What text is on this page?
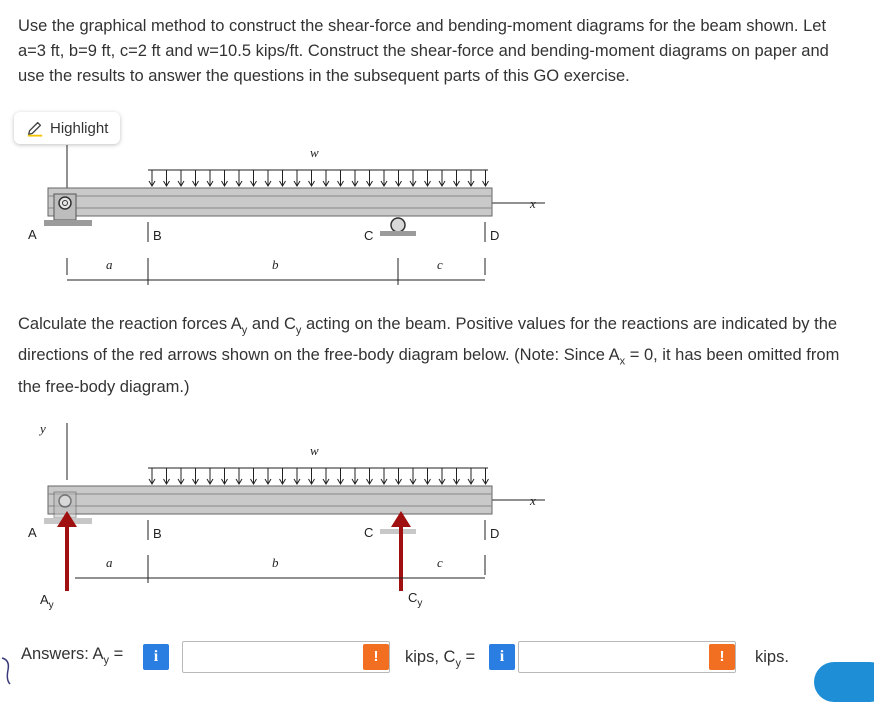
Use the graphical method to construct the shear-force and bending-moment diagrams for the beam shown. Let a=3 ft, b=9 ft, c=2 ft and w=10.5 kips/ft. Construct the shear-force and bending-moment diagrams on paper and use the results to answer the questions in the subsequent parts of this GO exercise.
Highlight
x
w
A	C
B	D
a	b	c
Calculate the reaction forces $A_y$ and $C_y$ acting on the beam. Positive values for the reactions are indicated by the directions of the red arrows shown on the free-body diagram below. (Note: Since $A_x = 0$, it has been omitted from the free-body diagram.)
y
x
w
A
$A_y$
C
$C_y$
B	D
a	b	c
Answers: $A_y$ =	i	!	kips, $C_y$ =	i	!	kips.
